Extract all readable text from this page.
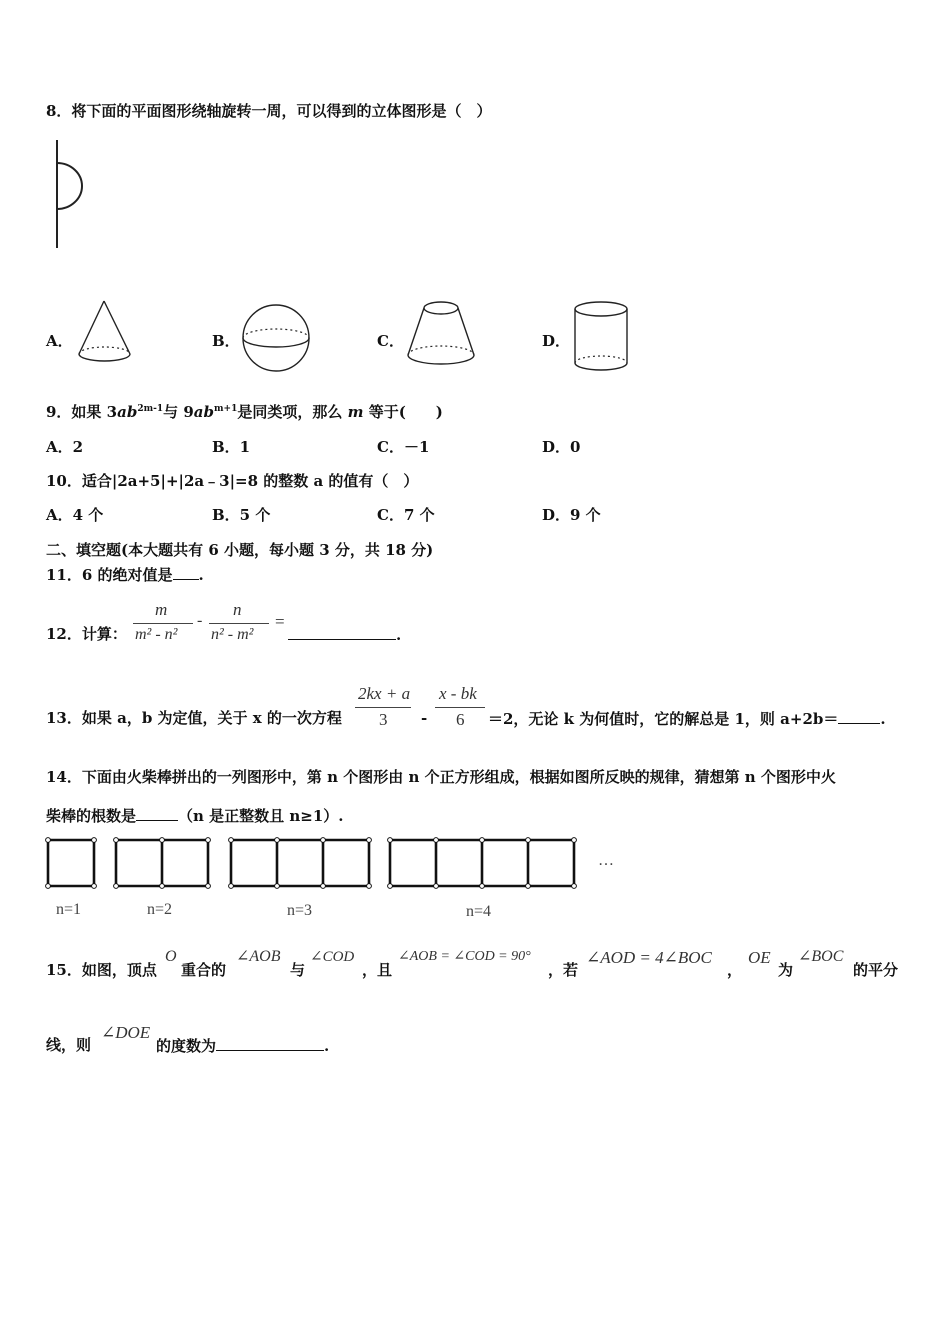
8．将下面的平面图形绕轴旋转一周，可以得到的立体图形是（　）
A．	B．	C．	D．
9．如果 $3ab^{2m-1}$与 $9ab^{m+1}$是同类项，那么 m 等于(　　)
A．2	B．1	C．－1	D．0
10．适合|2a+5|+|2a﹣3|=8 的整数 a 的值有（　）
A．4 个	B．5 个	C．7 个	D．9 个
二、填空题(本大题共有 6 小题，每小题 3 分，共 18 分)
11．6 的绝对值是 .
12．计算：
m
m² - n²
-
n
n² - m²
=
.
13．如果 a，b 为定值，关于 x 的一次方程
2kx + a
3 -
x - bk
6 ＝2，无论 k 为何值时，它的解总是 1，则 a+2b＝	.
14．下面由火柴棒拼出的一列图形中，第 n 个图形由 n 个正方形组成，根据如图所反映的规律，猜想第 n 个图形中火
柴棒的根数是	（n 是正整数且 n≥1）.
n=1	n=2	n=3	n=4
…
15．如图，顶点
O
重合的
∠AOB
与
∠COD
，且
∠AOB = ∠COD = 90°
，若
∠AOD = 4∠BOC
，
OE
为
∠BOC
的平分
线，则
∠DOE
的度数为	.
